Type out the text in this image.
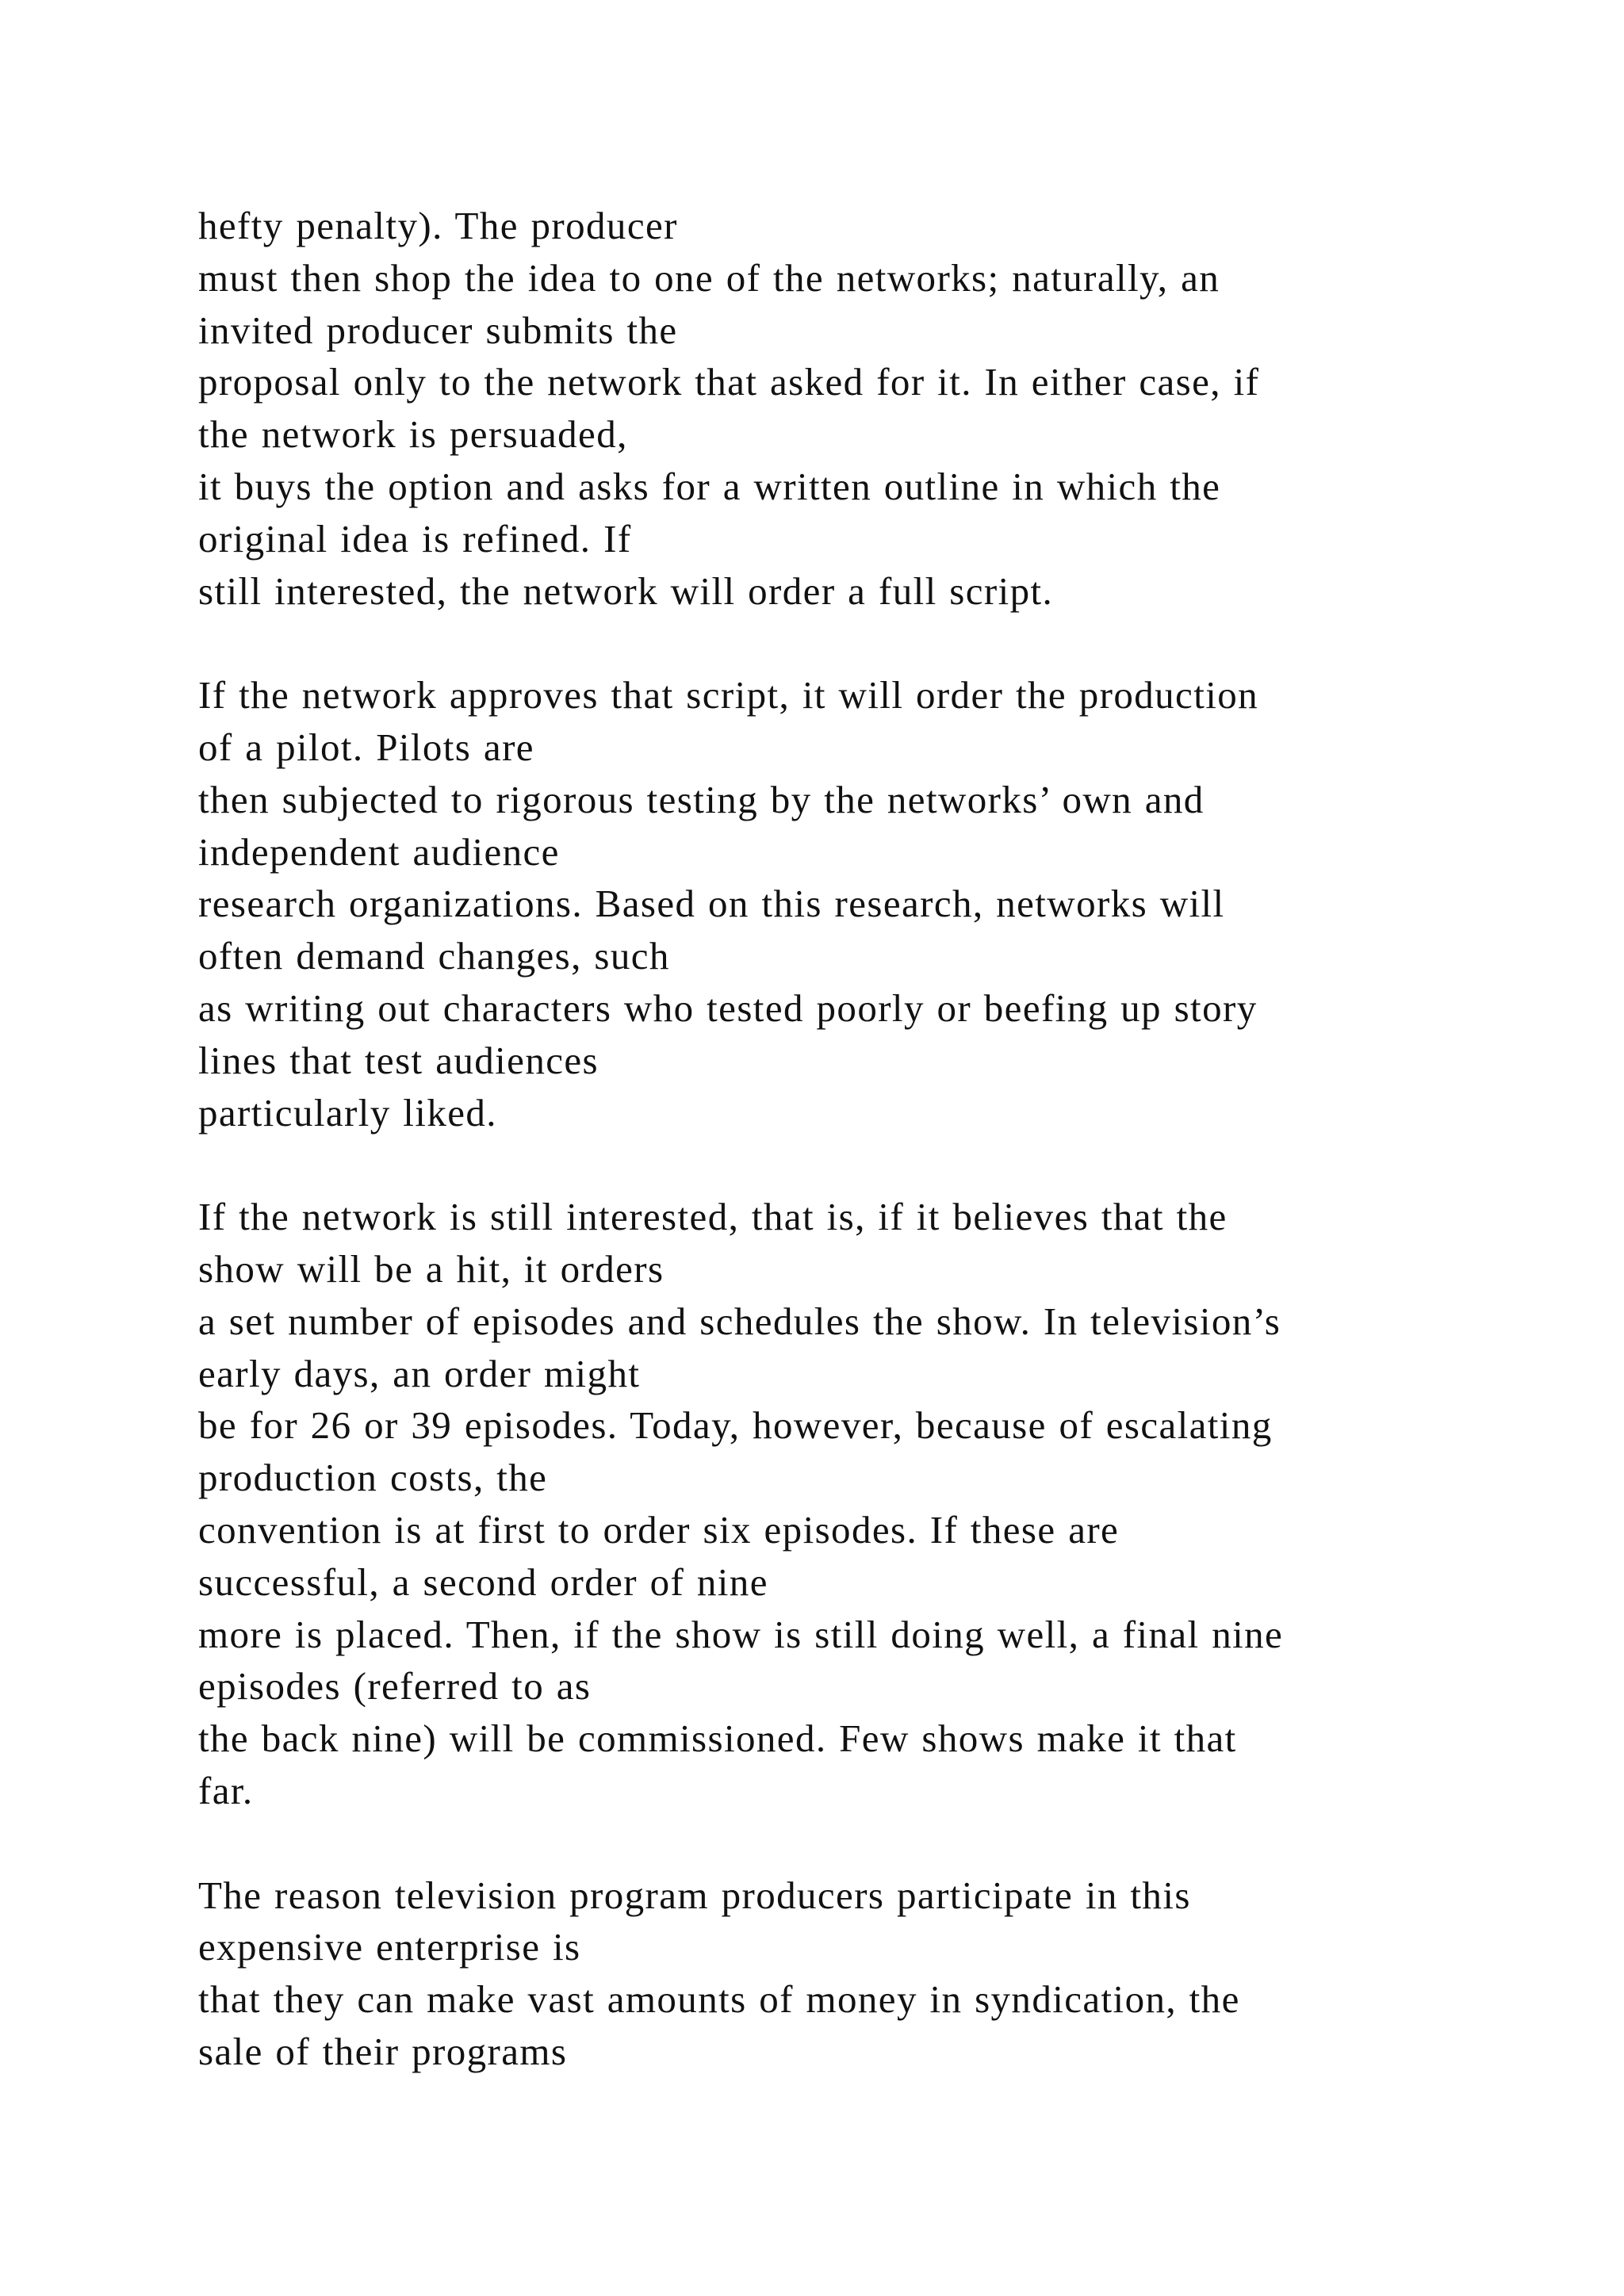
hefty penalty). The producer
must then shop the idea to one of the networks; naturally, an
invited producer submits the
proposal only to the network that asked for it. In either case, if
the network is persuaded,
it buys the option and asks for a written outline in which the
original idea is refined. If
still interested, the network will order a full script.
If the network approves that script, it will order the production
of a pilot. Pilots are
then subjected to rigorous testing by the networks’ own and
independent audience
research organizations. Based on this research, networks will
often demand changes, such
as writing out characters who tested poorly or beefing up story
lines that test audiences
particularly liked.
If the network is still interested, that is, if it believes that the
show will be a hit, it orders
a set number of episodes and schedules the show. In television’s
early days, an order might
be for 26 or 39 episodes. Today, however, because of escalating
production costs, the
convention is at first to order six episodes. If these are
successful, a second order of nine
more is placed. Then, if the show is still doing well, a final nine
episodes (referred to as
the back nine) will be commissioned. Few shows make it that
far.
The reason television program producers participate in this
expensive enterprise is
that they can make vast amounts of money in syndication, the
sale of their programs
